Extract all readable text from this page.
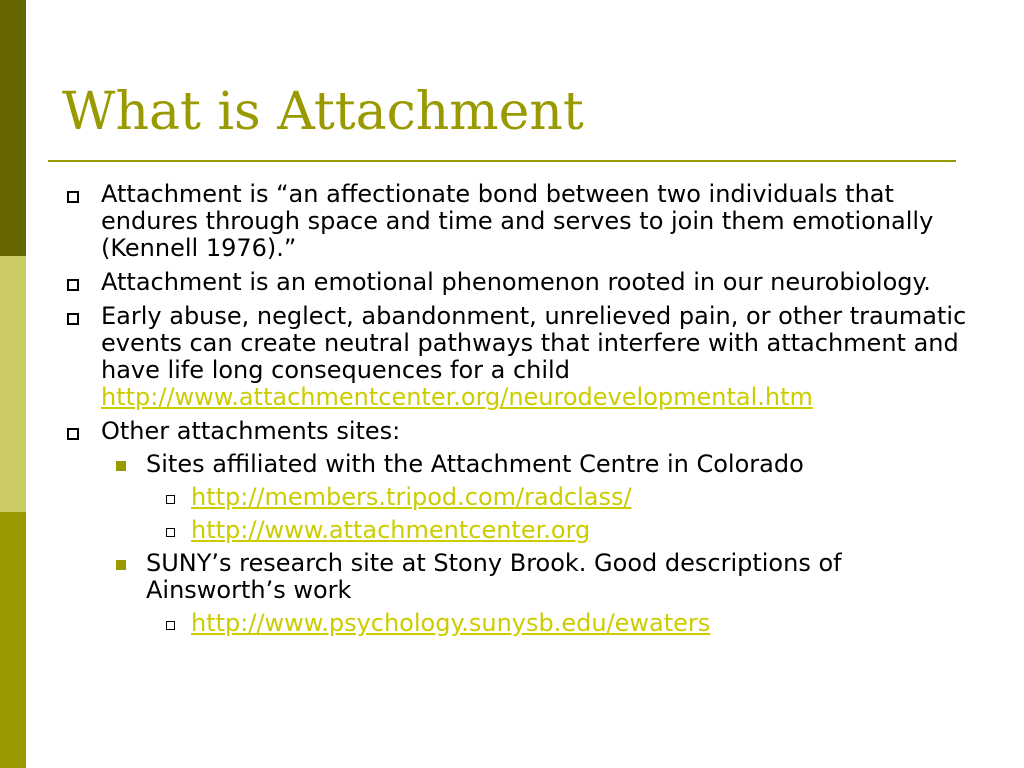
What is Attachment
Attachment is “an affectionate bond between two individuals that endures through space and time and serves to join them emotionally (Kennell 1976).”
Attachment is an emotional phenomenon rooted in our neurobiology.
Early abuse, neglect, abandonment, unrelieved pain, or other traumatic events can create neutral pathways that interfere with attachment and have life long consequences for a child
http://www.attachmentcenter.org/neurodevelopmental.htm
Other attachments sites:
Sites affiliated with the Attachment Centre in Colorado
http://members.tripod.com/radclass/
http://www.attachmentcenter.org
SUNY’s research site at Stony Brook. Good descriptions of Ainsworth’s work
http://www.psychology.sunysb.edu/ewaters
